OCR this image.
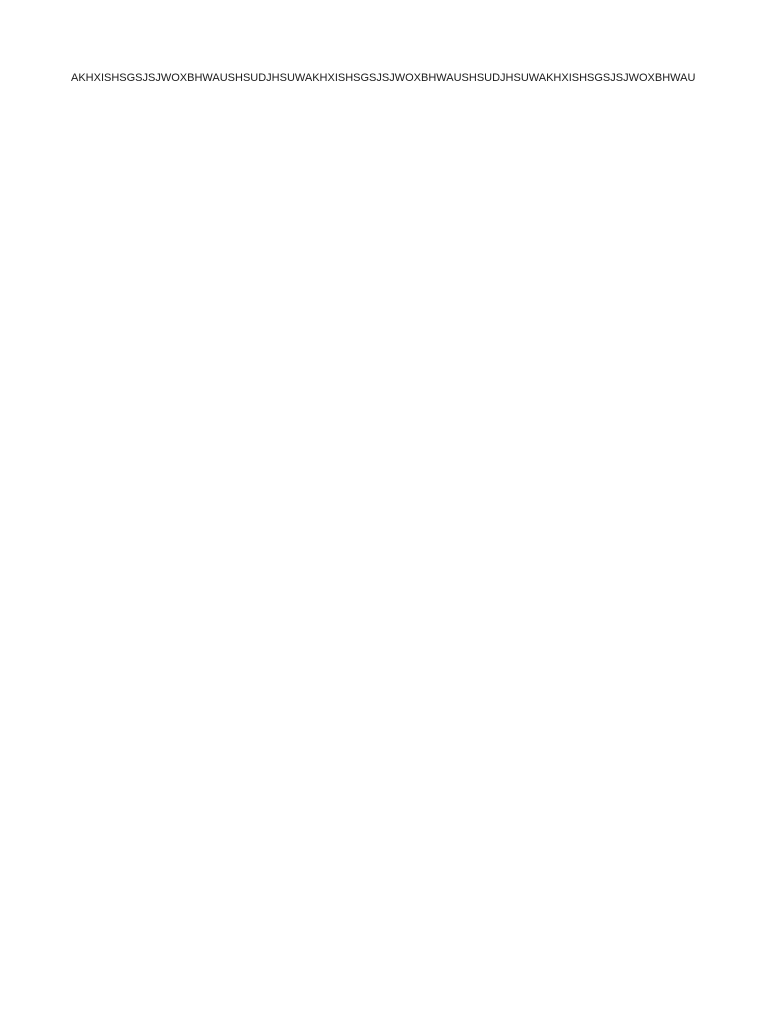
AKHXISHSGSJSJWOXBHWAUSHSUDJHSUWAKHXISHSGSJSJWOXBHWAUSHSUDJHSUWAKHXISHSGSJSJWOXBHWAU
